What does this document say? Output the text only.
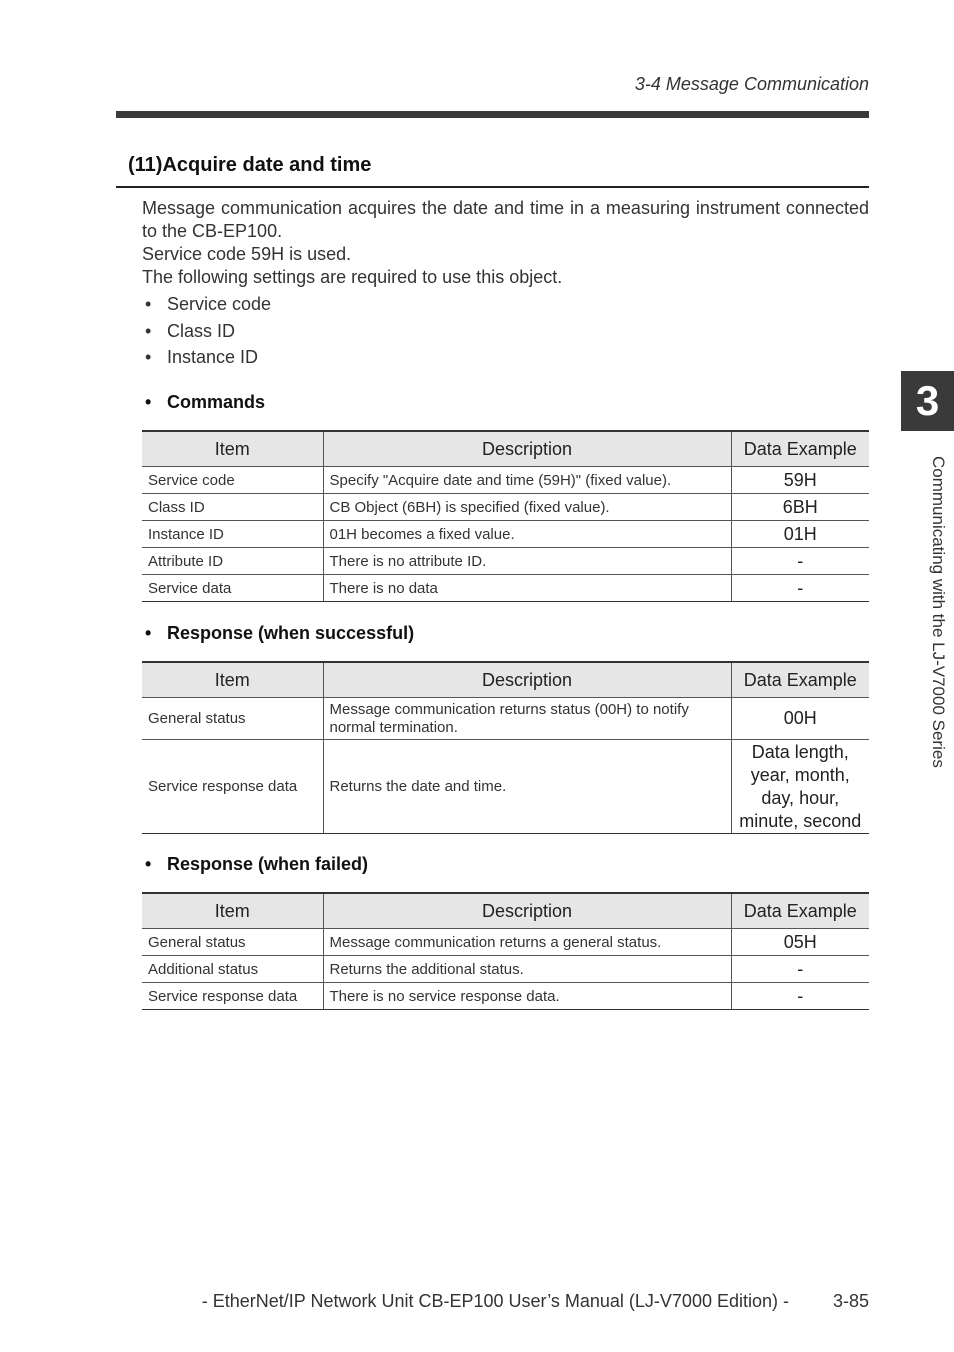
3-4 Message Communication
(11)Acquire date and time

Message communication acquires the date and time in a measuring instrument connected to the CB-EP100.

Service code 59H is used.

The following settings are required to use this object.

• Service code
• Class ID
• Instance ID
• Commands
Item	Description	Data Example
Service code	Specify "Acquire date and time (59H)" (fixed value).	59H
Class ID	CB Object (6BH) is specified (fixed value).	6BH
Instance ID	01H becomes a fixed value.	01H
Attribute ID	There is no attribute ID.	-
Service data	There is no data	-
• Response (when successful)
Item	Description	Data Example
General status	Message communication returns status (00H) to notify normal termination.	00H
Service response data	Returns the date and time.	Data length, year, month, day, hour, minute, second
• Response (when failed)
Item	Description	Data Example
General status	Message communication returns a general status.	05H
Additional status	Returns the additional status.	-
Service response data	There is no service response data.	-
3
Communicating with the LJ-V7000 Series
- EtherNet/IP Network Unit CB-EP100 User’s Manual (LJ-V7000 Edition) - 3-85
